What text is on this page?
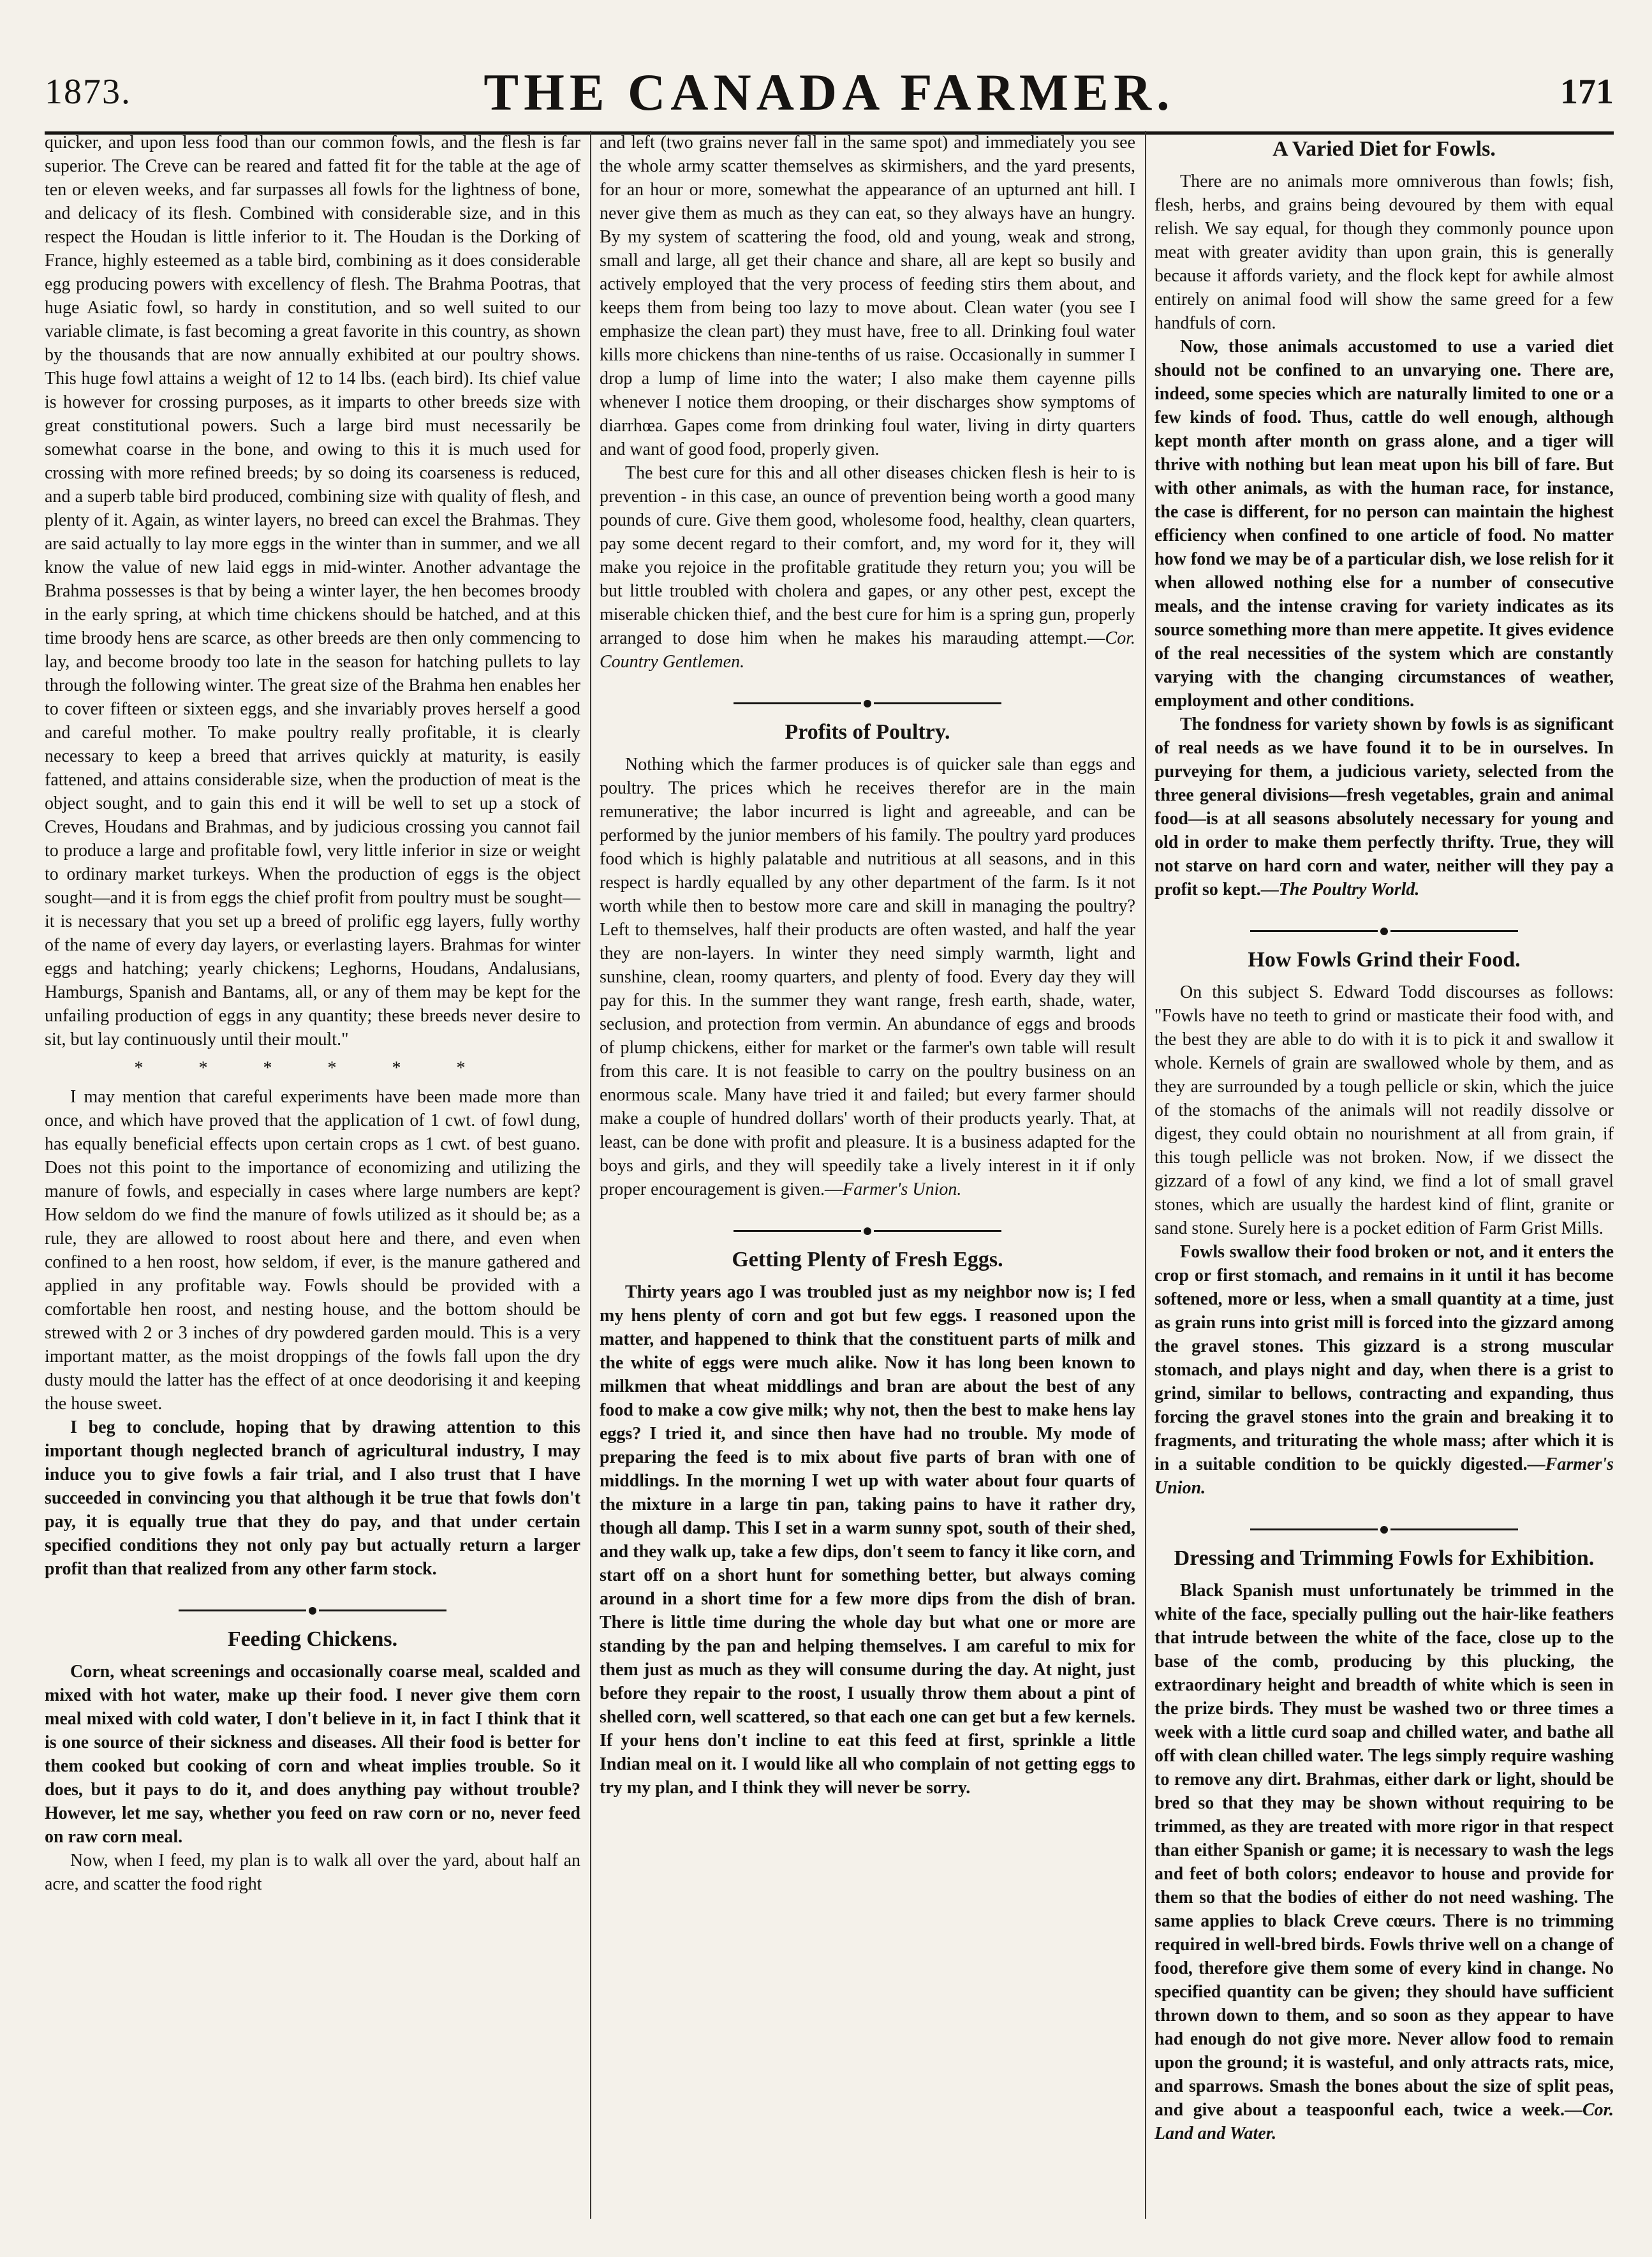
1873.	THE CANADA FARMER.	171

quicker, and upon less food than our common fowls, and the flesh is far superior. The Creve can be reared and fatted fit for the table at the age of ten or eleven weeks, and far surpasses all fowls for the lightness of bone, and delicacy of its flesh. Combined with considerable size, and in this respect the Houdan is little inferior to it. The Houdan is the Dorking of France, highly esteemed as a table bird, combining as it does considerable egg producing powers with excellency of flesh. The Brahma Pootras, that huge Asiatic fowl, so hardy in constitution, and so well suited to our variable climate, is fast becoming a great favorite in this country, as shown by the thousands that are now annually exhibited at our poultry shows. This huge fowl attains a weight of 12 to 14 lbs. (each bird). Its chief value is however for crossing purposes, as it imparts to other breeds size with great constitutional powers. Such a large bird must necessarily be somewhat coarse in the bone, and owing to this it is much used for crossing with more refined breeds; by so doing its coarseness is reduced, and a superb table bird produced, combining size with quality of flesh, and plenty of it. Again, as winter layers, no breed can excel the Brahmas. They are said actually to lay more eggs in the winter than in summer, and we all know the value of new laid eggs in mid-winter. Another advantage the Brahma possesses is that by being a winter layer, the hen becomes broody in the early spring, at which time chickens should be hatched, and at this time broody hens are scarce, as other breeds are then only commencing to lay, and become broody too late in the season for hatching pullets to lay through the following winter. The great size of the Brahma hen enables her to cover fifteen or sixteen eggs, and she invariably proves herself a good and careful mother. To make poultry really profitable, it is clearly necessary to keep a breed that arrives quickly at maturity, is easily fattened, and attains considerable size, when the production of meat is the object sought, and to gain this end it will be well to set up a stock of Creves, Houdans and Brahmas, and by judicious crossing you cannot fail to produce a large and profitable fowl, very little inferior in size or weight to ordinary market turkeys. When the production of eggs is the object sought—and it is from eggs the chief profit from poultry must be sought—it is necessary that you set up a breed of prolific egg layers, fully worthy of the name of every day layers, or everlasting layers. Brahmas for winter eggs and hatching; yearly chickens; Leghorns, Houdans, Andalusians, Hamburgs, Spanish and Bantams, all, or any of them may be kept for the unfailing production of eggs in any quantity; these breeds never desire to sit, but lay continuously until their moult."

* * * * * *

I may mention that careful experiments have been made more than once, and which have proved that the application of 1 cwt. of fowl dung, has equally beneficial effects upon certain crops as 1 cwt. of best guano. Does not this point to the importance of economizing and utilizing the manure of fowls, and especially in cases where large numbers are kept? How seldom do we find the manure of fowls utilized as it should be; as a rule, they are allowed to roost about here and there, and even when confined to a hen roost, how seldom, if ever, is the manure gathered and applied in any profitable way. Fowls should be provided with a comfortable hen roost, and nesting house, and the bottom should be strewed with 2 or 3 inches of dry powdered garden mould. This is a very important matter, as the moist droppings of the fowls fall upon the dry dusty mould the latter has the effect of at once deodorising it and keeping the house sweet.

I beg to conclude, hoping that by drawing attention to this important though neglected branch of agricultural industry, I may induce you to give fowls a fair trial, and I also trust that I have succeeded in convincing you that although it be true that fowls don't pay, it is equally true that they do pay, and that under certain specified conditions they not only pay but actually return a larger profit than that realized from any other farm stock.

Feeding Chickens.

Corn, wheat screenings and occasionally coarse meal, scalded and mixed with hot water, make up their food. I never give them corn meal mixed with cold water, I don't believe in it, in fact I think that it is one source of their sickness and diseases. All their food is better for them cooked but cooking of corn and wheat implies trouble. So it does, but it pays to do it, and does anything pay without trouble? However, let me say, whether you feed on raw corn or no, never feed on raw corn meal.

Now, when I feed, my plan is to walk all over the yard, about half an acre, and scatter the food right

and left (two grains never fall in the same spot) and immediately you see the whole army scatter themselves as skirmishers, and the yard presents, for an hour or more, somewhat the appearance of an upturned ant hill. I never give them as much as they can eat, so they always have an hungry. By my system of scattering the food, old and young, weak and strong, small and large, all get their chance and share, all are kept so busily and actively employed that the very process of feeding stirs them about, and keeps them from being too lazy to move about. Clean water (you see I emphasize the clean part) they must have, free to all. Drinking foul water kills more chickens than nine-tenths of us raise. Occasionally in summer I drop a lump of lime into the water; I also make them cayenne pills whenever I notice them drooping, or their discharges show symptoms of diarrhœa. Gapes come from drinking foul water, living in dirty quarters and want of good food, properly given.

The best cure for this and all other diseases chicken flesh is heir to is prevention - in this case, an ounce of prevention being worth a good many pounds of cure. Give them good, wholesome food, healthy, clean quarters, pay some decent regard to their comfort, and, my word for it, they will make you rejoice in the profitable gratitude they return you; you will be but little troubled with cholera and gapes, or any other pest, except the miserable chicken thief, and the best cure for him is a spring gun, properly arranged to dose him when he makes his marauding attempt.—Cor. Country Gentlemen.

Profits of Poultry.

Nothing which the farmer produces is of quicker sale than eggs and poultry. The prices which he receives therefor are in the main remunerative; the labor incurred is light and agreeable, and can be performed by the junior members of his family. The poultry yard produces food which is highly palatable and nutritious at all seasons, and in this respect is hardly equalled by any other department of the farm. Is it not worth while then to bestow more care and skill in managing the poultry? Left to themselves, half their products are often wasted, and half the year they are non-layers. In winter they need simply warmth, light and sunshine, clean, roomy quarters, and plenty of food. Every day they will pay for this. In the summer they want range, fresh earth, shade, water, seclusion, and protection from vermin. An abundance of eggs and broods of plump chickens, either for market or the farmer's own table will result from this care. It is not feasible to carry on the poultry business on an enormous scale. Many have tried it and failed; but every farmer should make a couple of hundred dollars' worth of their products yearly. That, at least, can be done with profit and pleasure. It is a business adapted for the boys and girls, and they will speedily take a lively interest in it if only proper encouragement is given.—Farmer's Union.

Getting Plenty of Fresh Eggs.

Thirty years ago I was troubled just as my neighbor now is; I fed my hens plenty of corn and got but few eggs. I reasoned upon the matter, and happened to think that the constituent parts of milk and the white of eggs were much alike. Now it has long been known to milkmen that wheat middlings and bran are about the best of any food to make a cow give milk; why not, then the best to make hens lay eggs? I tried it, and since then have had no trouble. My mode of preparing the feed is to mix about five parts of bran with one of middlings. In the morning I wet up with water about four quarts of the mixture in a large tin pan, taking pains to have it rather dry, though all damp. This I set in a warm sunny spot, south of their shed, and they walk up, take a few dips, don't seem to fancy it like corn, and start off on a short hunt for something better, but always coming around in a short time for a few more dips from the dish of bran. There is little time during the whole day but what one or more are standing by the pan and helping themselves. I am careful to mix for them just as much as they will consume during the day. At night, just before they repair to the roost, I usually throw them about a pint of shelled corn, well scattered, so that each one can get but a few kernels. If your hens don't incline to eat this feed at first, sprinkle a little Indian meal on it. I would like all who complain of not getting eggs to try my plan, and I think they will never be sorry.

A Varied Diet for Fowls.

There are no animals more omniverous than fowls; fish, flesh, herbs, and grains being devoured by them with equal relish. We say equal, for though they commonly pounce upon meat with greater avidity than upon grain, this is generally because it affords variety, and the flock kept for awhile almost entirely on animal food will show the same greed for a few handfuls of corn.

Now, those animals accustomed to use a varied diet should not be confined to an unvarying one. There are, indeed, some species which are naturally limited to one or a few kinds of food. Thus, cattle do well enough, although kept month after month on grass alone, and a tiger will thrive with nothing but lean meat upon his bill of fare. But with other animals, as with the human race, for instance, the case is different, for no person can maintain the highest efficiency when confined to one article of food. No matter how fond we may be of a particular dish, we lose relish for it when allowed nothing else for a number of consecutive meals, and the intense craving for variety indicates as its source something more than mere appetite. It gives evidence of the real necessities of the system which are constantly varying with the changing circumstances of weather, employment and other conditions.

The fondness for variety shown by fowls is as significant of real needs as we have found it to be in ourselves. In purveying for them, a judicious variety, selected from the three general divisions—fresh vegetables, grain and animal food—is at all seasons absolutely necessary for young and old in order to make them perfectly thrifty. True, they will not starve on hard corn and water, neither will they pay a profit so kept.—The Poultry World.

How Fowls Grind their Food.

On this subject S. Edward Todd discourses as follows: "Fowls have no teeth to grind or masticate their food with, and the best they are able to do with it is to pick it and swallow it whole. Kernels of grain are swallowed whole by them, and as they are surrounded by a tough pellicle or skin, which the juice of the stomachs of the animals will not readily dissolve or digest, they could obtain no nourishment at all from grain, if this tough pellicle was not broken. Now, if we dissect the gizzard of a fowl of any kind, we find a lot of small gravel stones, which are usually the hardest kind of flint, granite or sand stone. Surely here is a pocket edition of Farm Grist Mills.

Fowls swallow their food broken or not, and it enters the crop or first stomach, and remains in it until it has become softened, more or less, when a small quantity at a time, just as grain runs into grist mill is forced into the gizzard among the gravel stones. This gizzard is a strong muscular stomach, and plays night and day, when there is a grist to grind, similar to bellows, contracting and expanding, thus forcing the gravel stones into the grain and breaking it to fragments, and triturating the whole mass; after which it is in a suitable condition to be quickly digested.—Farmer's Union.

Dressing and Trimming Fowls for Exhibition.

Black Spanish must unfortunately be trimmed in the white of the face, specially pulling out the hair-like feathers that intrude between the white of the face, close up to the base of the comb, producing by this plucking, the extraordinary height and breadth of white which is seen in the prize birds. They must be washed two or three times a week with a little curd soap and chilled water, and bathe all off with clean chilled water. The legs simply require washing to remove any dirt. Brahmas, either dark or light, should be bred so that they may be shown without requiring to be trimmed, as they are treated with more rigor in that respect than either Spanish or game; it is necessary to wash the legs and feet of both colors; endeavor to house and provide for them so that the bodies of either do not need washing. The same applies to black Creve cœurs. There is no trimming required in well-bred birds. Fowls thrive well on a change of food, therefore give them some of every kind in change. No specified quantity can be given; they should have sufficient thrown down to them, and so soon as they appear to have had enough do not give more. Never allow food to remain upon the ground; it is wasteful, and only attracts rats, mice, and sparrows. Smash the bones about the size of split peas, and give about a teaspoonful each, twice a week.—Cor. Land and Water.
